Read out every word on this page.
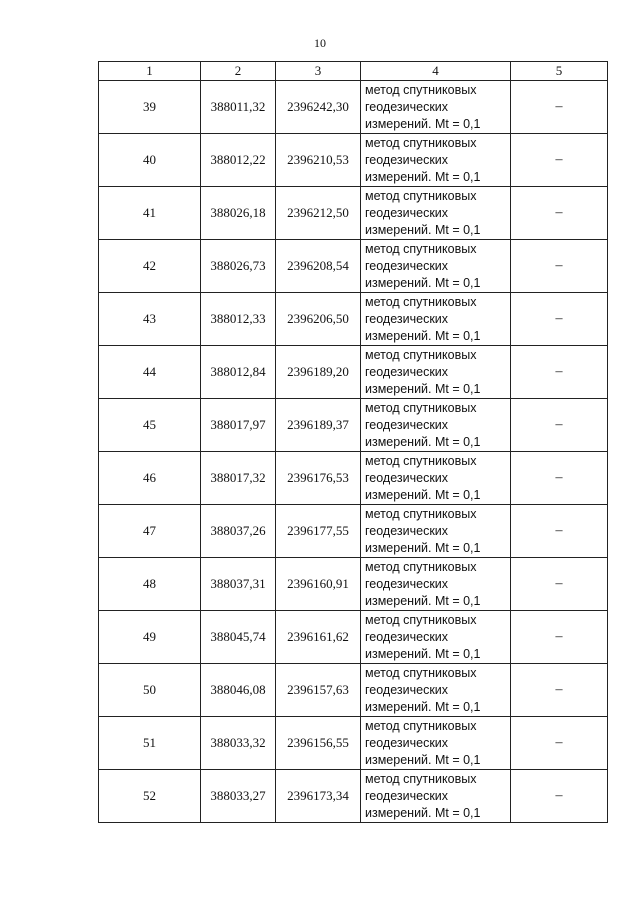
10
1	2	3	4	5
39	388011,32	2396242,30	метод спутниковых
геодезических
измерений. Mt = 0,1	–
40	388012,22	2396210,53	метод спутниковых
геодезических
измерений. Mt = 0,1	–
41	388026,18	2396212,50	метод спутниковых
геодезических
измерений. Mt = 0,1	–
42	388026,73	2396208,54	метод спутниковых
геодезических
измерений. Mt = 0,1	–
43	388012,33	2396206,50	метод спутниковых
геодезических
измерений. Mt = 0,1	–
44	388012,84	2396189,20	метод спутниковых
геодезических
измерений. Mt = 0,1	–
45	388017,97	2396189,37	метод спутниковых
геодезических
измерений. Mt = 0,1	–
46	388017,32	2396176,53	метод спутниковых
геодезических
измерений. Mt = 0,1	–
47	388037,26	2396177,55	метод спутниковых
геодезических
измерений. Mt = 0,1	–
48	388037,31	2396160,91	метод спутниковых
геодезических
измерений. Mt = 0,1	–
49	388045,74	2396161,62	метод спутниковых
геодезических
измерений. Mt = 0,1	–
50	388046,08	2396157,63	метод спутниковых
геодезических
измерений. Mt = 0,1	–
51	388033,32	2396156,55	метод спутниковых
геодезических
измерений. Mt = 0,1	–
52	388033,27	2396173,34	метод спутниковых
геодезических
измерений. Mt = 0,1	–
